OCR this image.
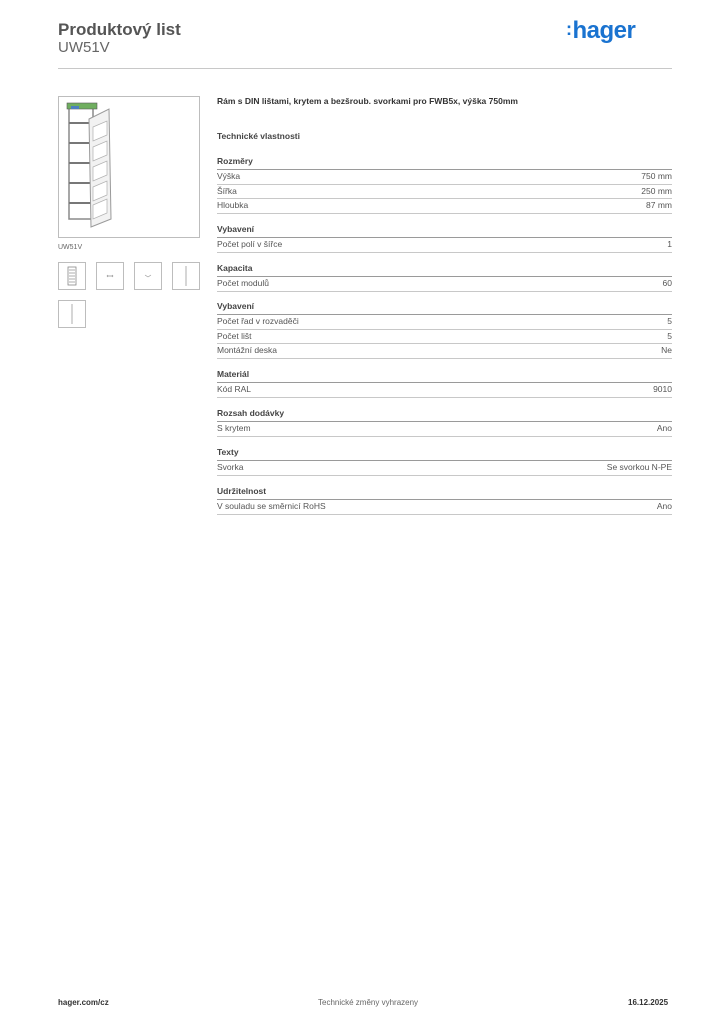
Produktový list
UW51V
:hager
UW51V
Rám s DIN lištami, krytem a bezšroub. svorkami pro FWB5x, výška 750mm
Technické vlastnosti
Rozměry
Výška	750 mm
Šířka	250 mm
Hloubka	87 mm
Vybavení
Počet polí v šířce	1
Kapacita
Počet modulů	60
Vybavení
Počet řad v rozvaděči	5
Počet lišt	5
Montážní deska	Ne
Materiál
Kód RAL	9010
Rozsah dodávky
S krytem	Ano
Texty
Svorka	Se svorkou N-PE
Udržitelnost
V souladu se směrnicí RoHS	Ano
hager.com/cz	Technické změny vyhrazeny	16.12.2025
